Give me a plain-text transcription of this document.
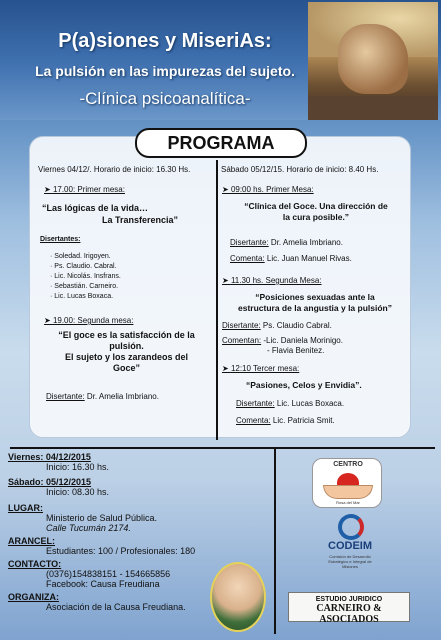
P(a)siones y MiseriAs:
La pulsión en las impurezas del sujeto.
-Clínica psicoanalítica-
PROGRAMA
Viernes 04/12/. Horario de inicio: 16.30 Hs.
➤ 17.00: Primer mesa:
“Las lógicas de la vida…
La Transferencia”
Disertantes:
· Soledad. Irigoyen.
· Ps. Claudio. Cabral.
· Lic. Nicolás. Insfrans.
· Sebastián. Carneiro.
· Lic. Lucas Boxaca.
➤ 19.00: Segunda mesa:
“El goce es la satisfacción de la
pulsión.
El sujeto y los zarandeos del
Goce”
Disertante: Dr. Amelia Imbriano.
Sábado 05/12/15. Horario de inicio: 8.40 Hs.
➤ 09:00 hs. Primer Mesa:
“Clínica del Goce. Una dirección de
la cura posible.”
Disertante: Dr. Amelia Imbriano.
Comenta: Lic. Juan Manuel Rivas.
➤ 11.30 hs. Segunda Mesa:
“Posiciones sexuadas ante la
estructura de la angustia y la pulsión”
Disertante: Ps. Claudio Cabral.
Comentan: -Lic. Daniela Morinigo.
- Flavia Benitez.
➤ 12:10 Tercer mesa:
“Pasiones, Celos y Envidia”.
Disertante: Lic. Lucas Boxaca.
Comenta: Lic. Patricia Smit.
Viernes: 04/12/2015
Inicio: 16.30 hs.
Sábado: 05/12/2015
Inicio: 08.30 hs.
LUGAR:
Ministerio de Salud Pública.
Calle Tucumán 2174.
ARANCEL:
Estudiantes: 100 / Profesionales: 180
CONTACTO:
(0376)154838151 - 154665856
Facebook: Causa Freudiana
ORGANIZA:
Asociación de la Causa Freudiana.
CENTRO
Rosa del Mar
CODEIM
Comisión de Desarrollo Estratégico e Integral de Misiones
ESTUDIO JURIDICO
CARNEIRO & ASOCIADOS
